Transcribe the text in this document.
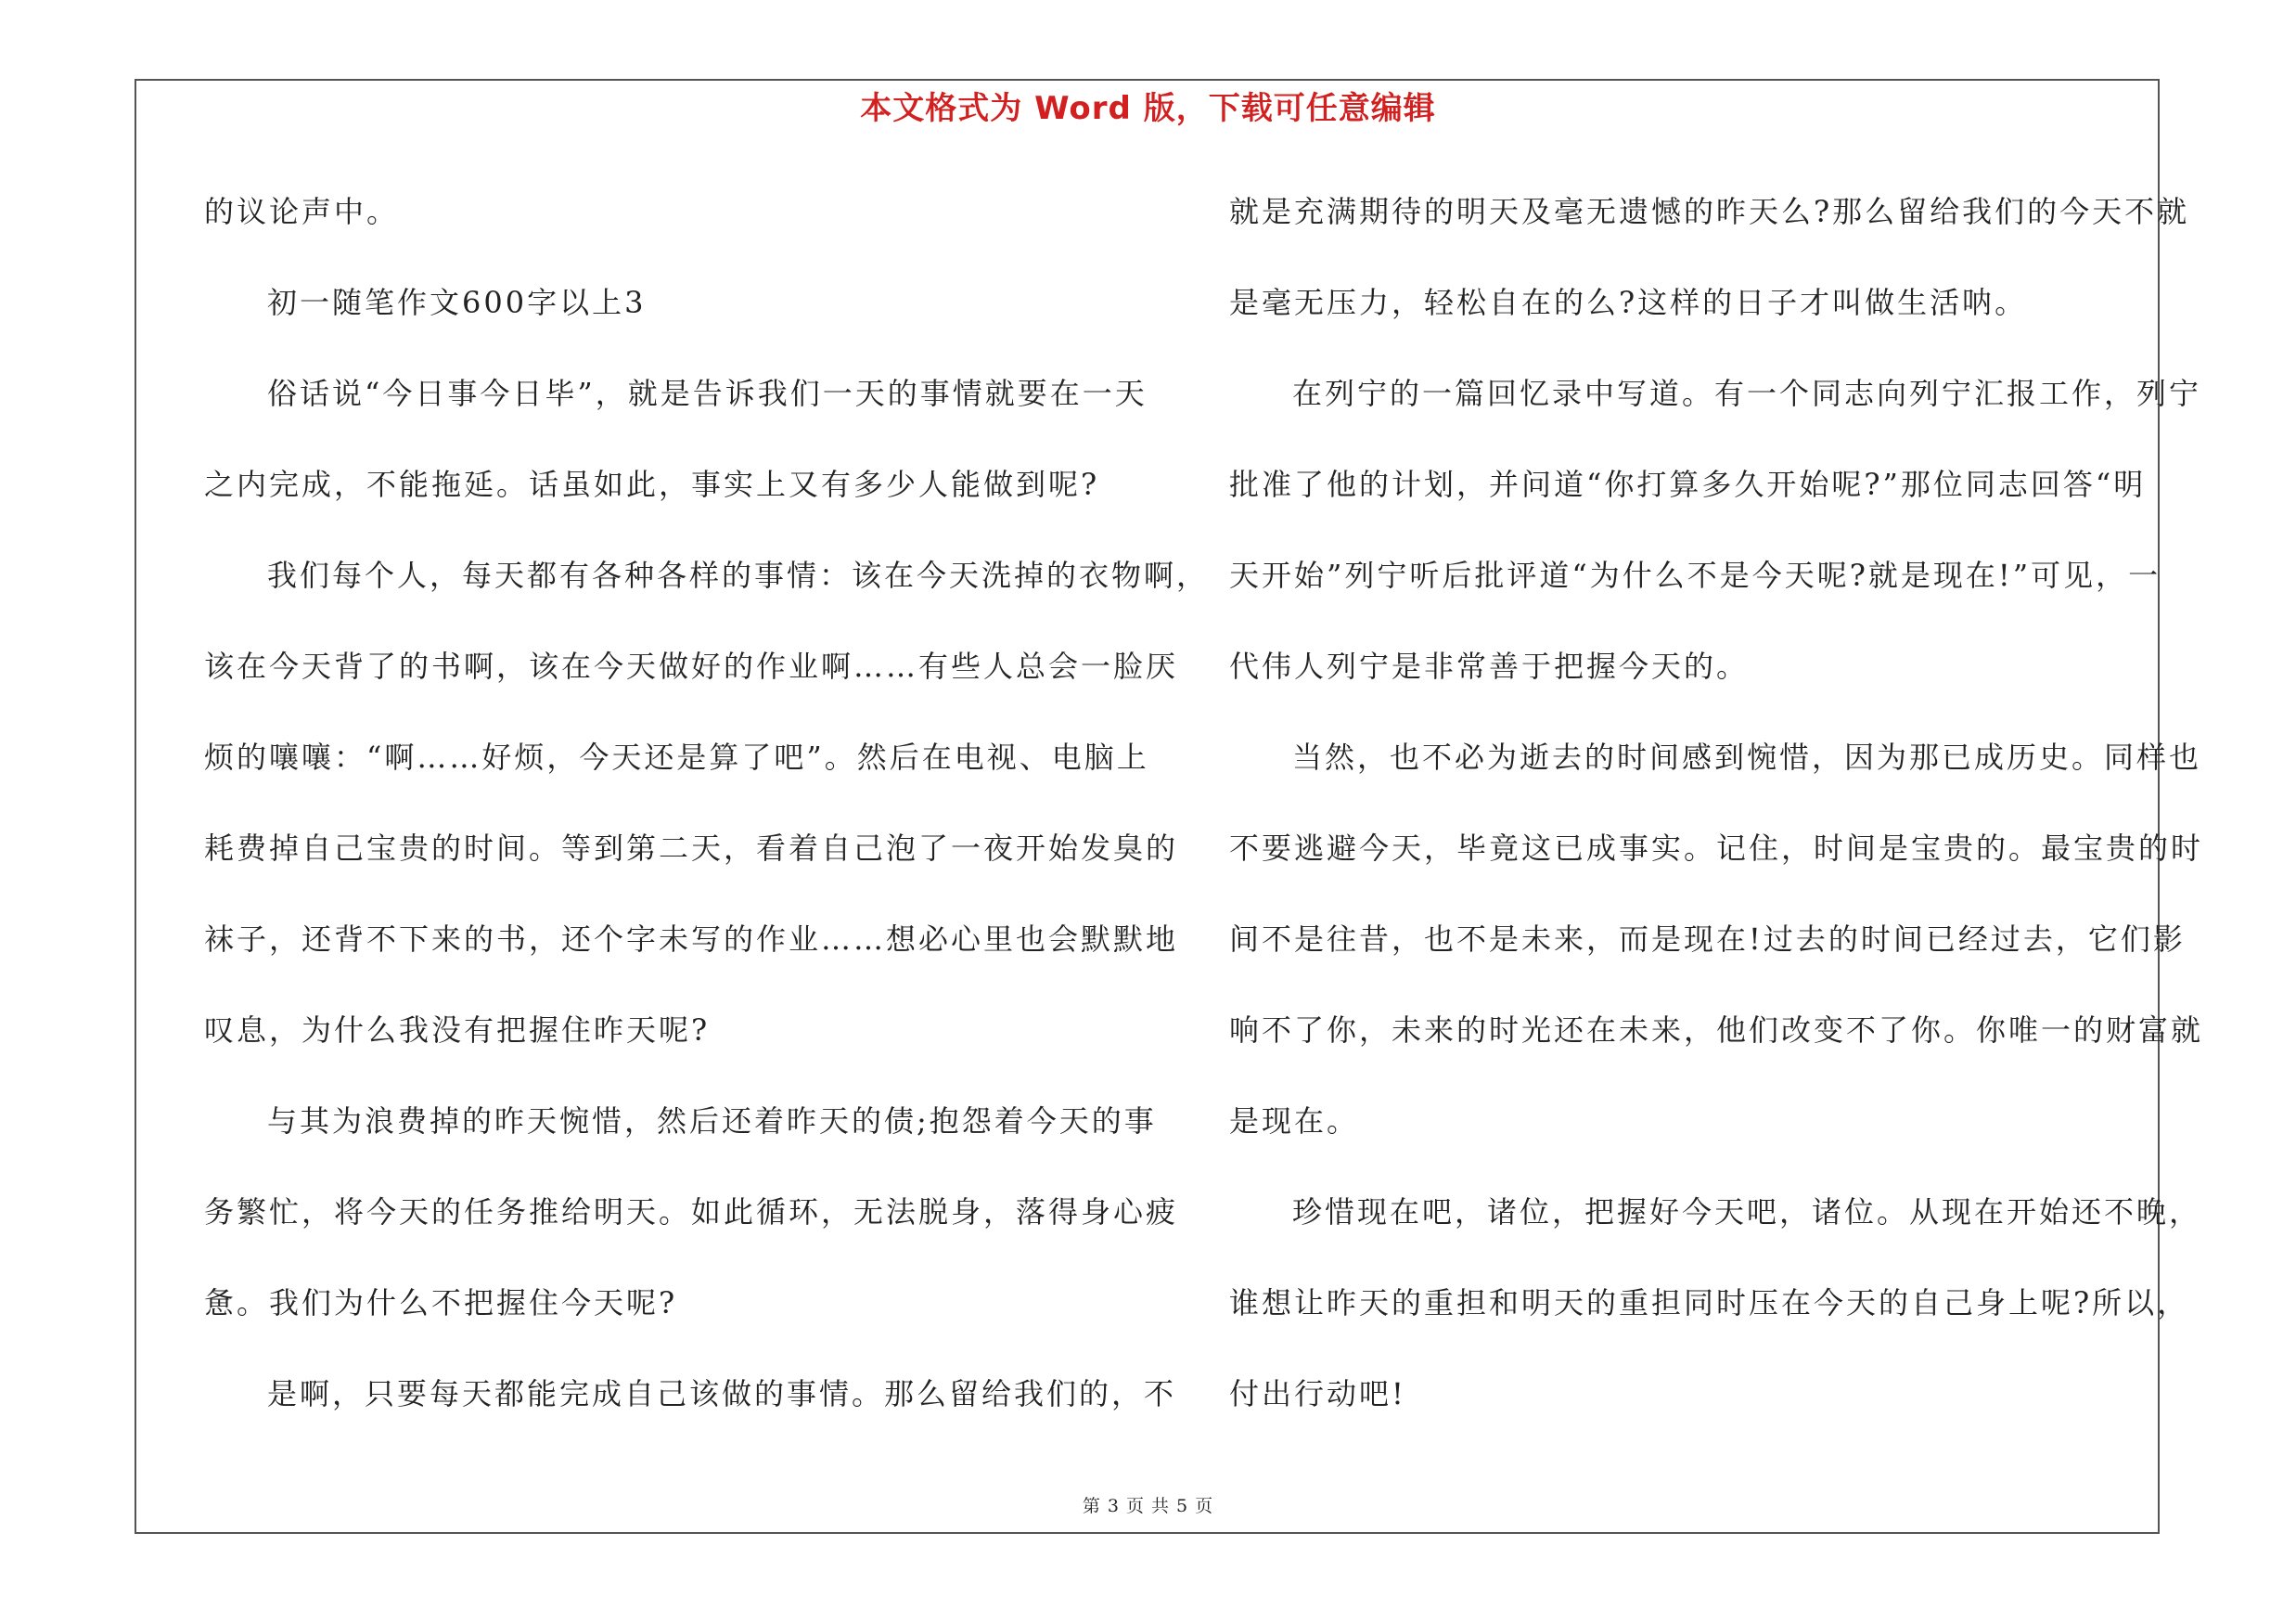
本文格式为 Word 版，下载可任意编辑
的议论声中。
初一随笔作文600字以上3
俗话说“今日事今日毕”，就是告诉我们一天的事情就要在一天
之内完成，不能拖延。话虽如此，事实上又有多少人能做到呢?
我们每个人，每天都有各种各样的事情：该在今天洗掉的衣物啊，
该在今天背了的书啊，该在今天做好的作业啊……有些人总会一脸厌
烦的嚷嚷：“啊……好烦，今天还是算了吧”。然后在电视、电脑上
耗费掉自己宝贵的时间。等到第二天，看着自己泡了一夜开始发臭的
袜子，还背不下来的书，还个字未写的作业……想必心里也会默默地
叹息，为什么我没有把握住昨天呢?
与其为浪费掉的昨天惋惜，然后还着昨天的债;抱怨着今天的事
务繁忙，将今天的任务推给明天。如此循环，无法脱身，落得身心疲
惫。我们为什么不把握住今天呢?
是啊，只要每天都能完成自己该做的事情。那么留给我们的，不
就是充满期待的明天及毫无遗憾的昨天么?那么留给我们的今天不就
是毫无压力，轻松自在的么?这样的日子才叫做生活呐。
在列宁的一篇回忆录中写道。有一个同志向列宁汇报工作，列宁
批准了他的计划，并问道“你打算多久开始呢?”那位同志回答“明
天开始”列宁听后批评道“为什么不是今天呢?就是现在!”可见，一
代伟人列宁是非常善于把握今天的。
当然，也不必为逝去的时间感到惋惜，因为那已成历史。同样也
不要逃避今天，毕竟这已成事实。记住，时间是宝贵的。最宝贵的时
间不是往昔，也不是未来，而是现在!过去的时间已经过去，它们影
响不了你，未来的时光还在未来，他们改变不了你。你唯一的财富就
是现在。
珍惜现在吧，诸位，把握好今天吧，诸位。从现在开始还不晚，
谁想让昨天的重担和明天的重担同时压在今天的自己身上呢?所以，
付出行动吧!
第 3 页 共 5 页
